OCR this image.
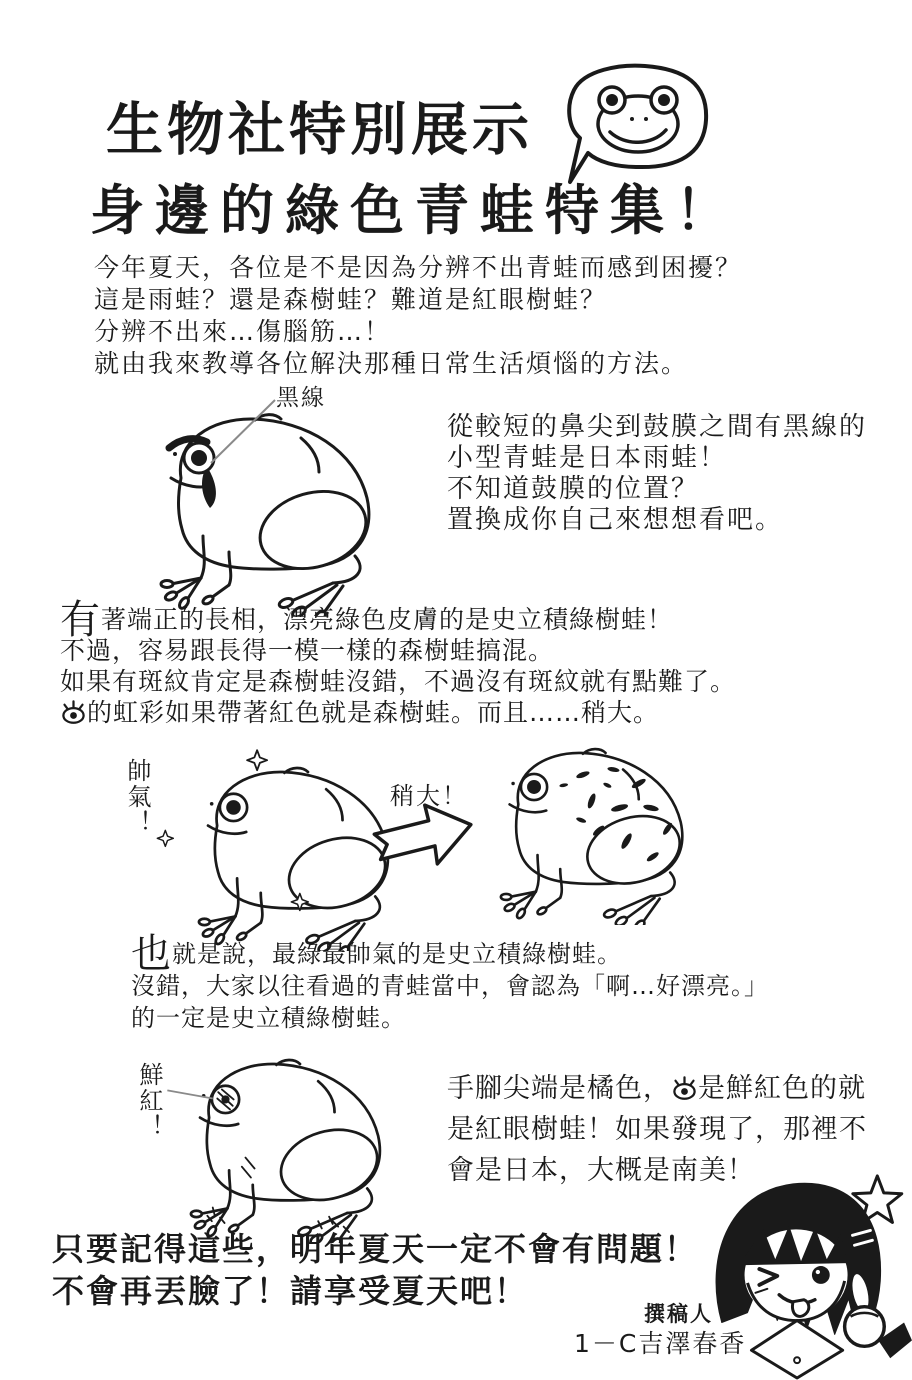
生物社特別展示
身邊的綠色青蛙特集！
今年夏天，各位是不是因為分辨不出青蛙而感到困擾？
這是雨蛙？還是森樹蛙？難道是紅眼樹蛙？
分辨不出來…傷腦筋…！
就由我來教導各位解決那種日常生活煩惱的方法。
黑線
從較短的鼻尖到鼓膜之間有黑線的
小型青蛙是日本雨蛙！
不知道鼓膜的位置？
置換成你自己來想想看吧。
有著端正的長相，漂亮綠色皮膚的是史立積綠樹蛙！
不過，容易跟長得一模一樣的森樹蛙搞混。
如果有斑紋肯定是森樹蛙沒錯，不過沒有斑紋就有點難了。
的虹彩如果帶著紅色就是森樹蛙。而且……稍大。
帥氣！	稍大！
也就是說，最綠最帥氣的是史立積綠樹蛙。
沒錯，大家以往看過的青蛙當中，會認為「啊…好漂亮。」
的一定是史立積綠樹蛙。
鮮紅！	手腳尖端是橘色， 是鮮紅色的就
是紅眼樹蛙！如果發現了，那裡不
會是日本，大概是南美！
只要記得這些，明年夏天一定不會有問題！
不會再丟臉了！請享受夏天吧！
撰稿人
1－C吉澤春香
